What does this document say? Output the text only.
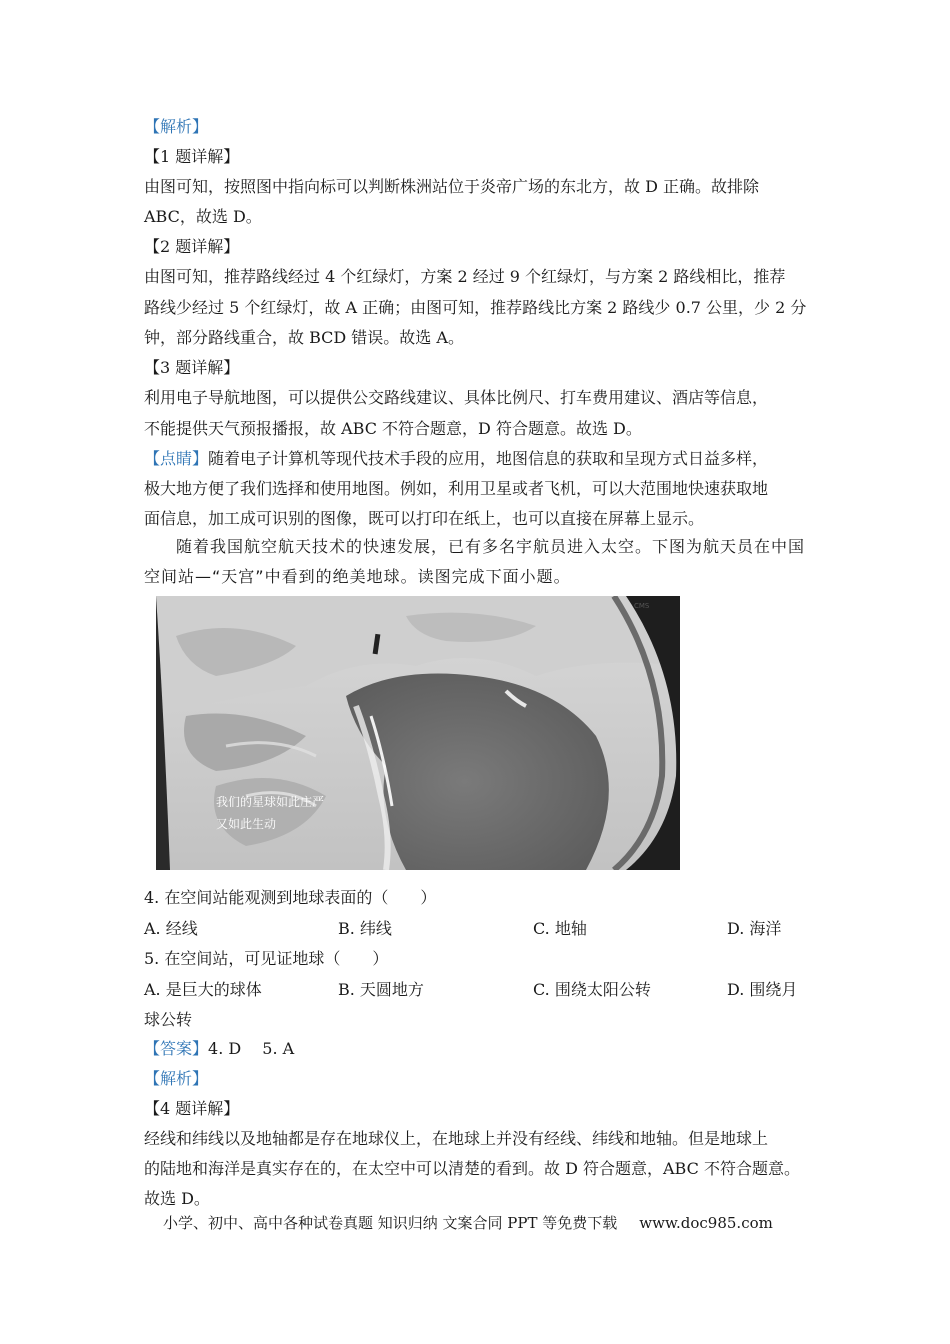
【解析】
【1 题详解】
由图可知，按照图中指向标可以判断株洲站位于炎帝广场的东北方，故 D 正确。故排除
ABC，故选 D。
【2 题详解】
由图可知，推荐路线经过 4 个红绿灯，方案 2 经过 9 个红绿灯，与方案 2 路线相比，推荐
路线少经过 5 个红绿灯，故 A 正确；由图可知，推荐路线比方案 2 路线少 0.7 公里，少 2 分
钟，部分路线重合，故 BCD 错误。故选 A。
【3 题详解】
利用电子导航地图，可以提供公交路线建议、具体比例尺、打车费用建议、酒店等信息，
不能提供天气预报播报，故 ABC 不符合题意，D 符合题意。故选 D。
【点睛】随着电子计算机等现代技术手段的应用，地图信息的获取和呈现方式日益多样，
极大地方便了我们选择和使用地图。例如，利用卫星或者飞机，可以大范围地快速获取地
面信息，加工成可识别的图像，既可以打印在纸上，也可以直接在屏幕上显示。
随着我国航空航天技术的快速发展，已有多名宇航员进入太空。下图为航天员在中国
空间站—“天宫”中看到的绝美地球。读图完成下面小题。
我们的星球如此庄严
又如此生动
CMS
4. 在空间站能观测到地球表面的（　　）
A. 经线	B. 纬线	C. 地轴	D. 海洋
5. 在空间站，可见证地球（　　）
A. 是巨大的球体	B. 天圆地方	C. 围绕太阳公转	D. 围绕月
球公转
【答案】4. D　 5. A
【解析】
【4 题详解】
经线和纬线以及地轴都是存在地球仪上，在地球上并没有经线、纬线和地轴。但是地球上
的陆地和海洋是真实存在的，在太空中可以清楚的看到。故 D 符合题意，ABC 不符合题意。
故选 D。
小学、初中、高中各种试卷真题 知识归纳 文案合同 PPT 等免费下载 www.doc985.com
